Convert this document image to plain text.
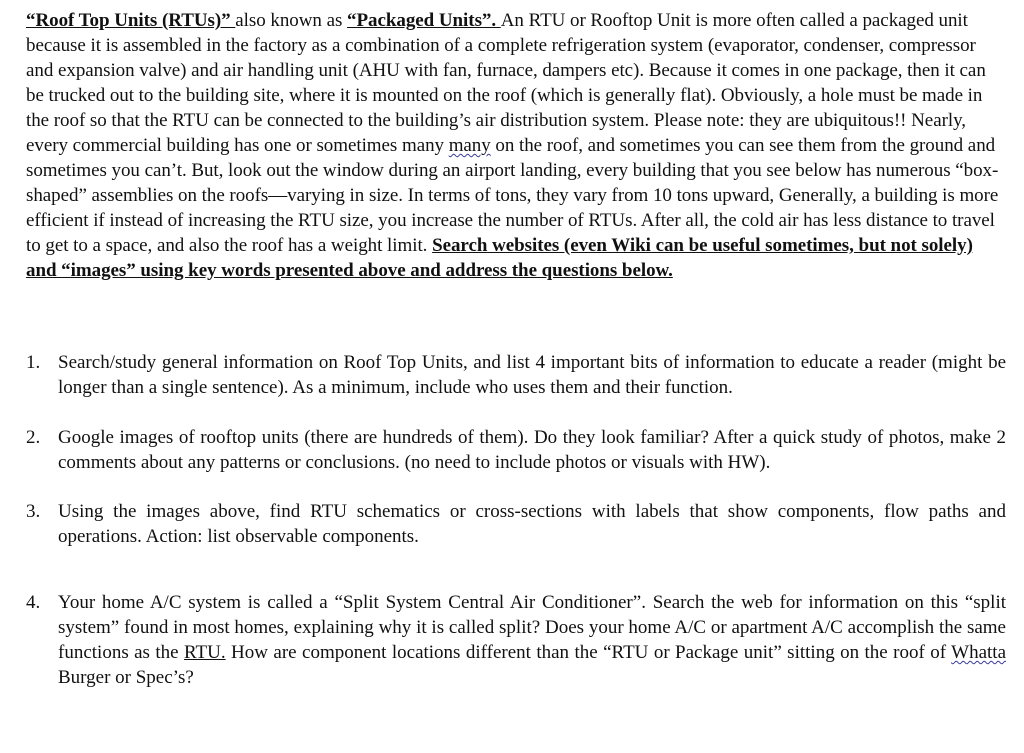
“Roof Top Units (RTUs)” also known as “Packaged Units”. An RTU or Rooftop Unit is more often called a packaged unit because it is assembled in the factory as a combination of a complete refrigeration system (evaporator, condenser, compressor and expansion valve) and air handling unit (AHU with fan, furnace, dampers etc). Because it comes in one package, then it can be trucked out to the building site, where it is mounted on the roof (which is generally flat). Obviously, a hole must be made in the roof so that the RTU can be connected to the building’s air distribution system. Please note: they are ubiquitous!! Nearly, every commercial building has one or sometimes many many on the roof, and sometimes you can see them from the ground and sometimes you can’t. But, look out the window during an airport landing, every building that you see below has numerous “box-shaped” assemblies on the roofs—varying in size. In terms of tons, they vary from 10 tons upward, Generally, a building is more efficient if instead of increasing the RTU size, you increase the number of RTUs. After all, the cold air has less distance to travel to get to a space, and also the roof has a weight limit. Search websites (even Wiki can be useful sometimes, but not solely) and “images” using key words presented above and address the questions below.

1. Search/study general information on Roof Top Units, and list 4 important bits of information to educate a reader (might be longer than a single sentence). As a minimum, include who uses them and their function.
2. Google images of rooftop units (there are hundreds of them). Do they look familiar? After a quick study of photos, make 2 comments about any patterns or conclusions. (no need to include photos or visuals with HW).
3. Using the images above, find RTU schematics or cross-sections with labels that show components, flow paths and operations. Action: list observable components.
4. Your home A/C system is called a “Split System Central Air Conditioner”. Search the web for information on this “split system” found in most homes, explaining why it is called split? Does your home A/C or apartment A/C accomplish the same functions as the RTU. How are component locations different than the “RTU or Package unit” sitting on the roof of Whatta Burger or Spec’s?
